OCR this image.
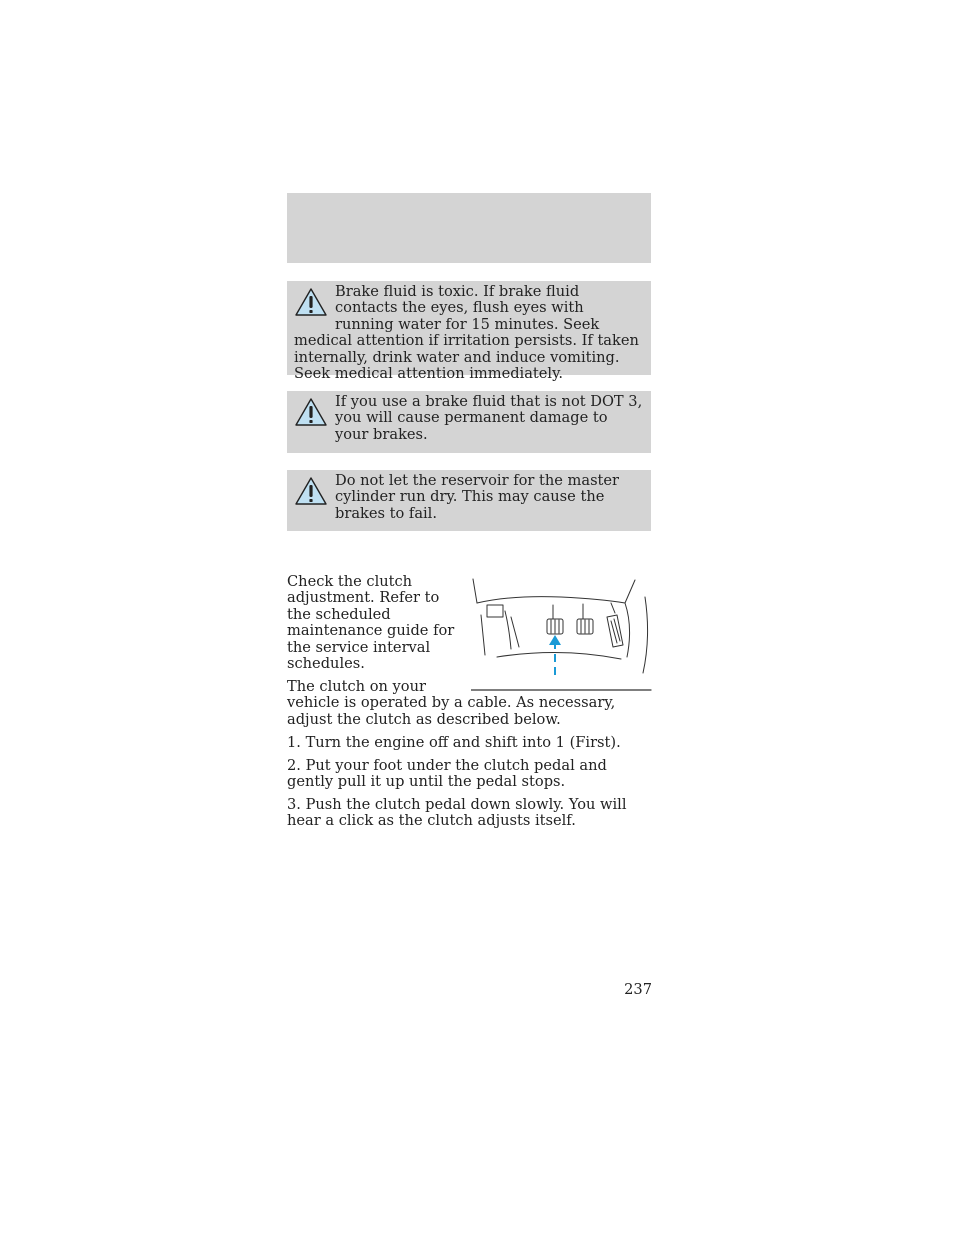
Brake fluid is toxic. If brake fluid contacts the eyes, flush eyes with running water for 15 minutes. Seek medical attention if irritation persists. If taken internally, drink water and induce vomiting. Seek medical attention immediately.
If you use a brake fluid that is not DOT 3, you will cause permanent damage to your brakes.
Do not let the reservoir for the master cylinder run dry. This may cause the brakes to fail.

Check the clutch adjustment. Refer to the scheduled maintenance guide for the service interval schedules.

The clutch on your vehicle is operated by a cable. As necessary, adjust the clutch as described below.

1. Turn the engine off and shift into 1 (First).

2. Put your foot under the clutch pedal and gently pull it up until the pedal stops.

3. Push the clutch pedal down slowly. You will hear a click as the clutch adjusts itself.

237
